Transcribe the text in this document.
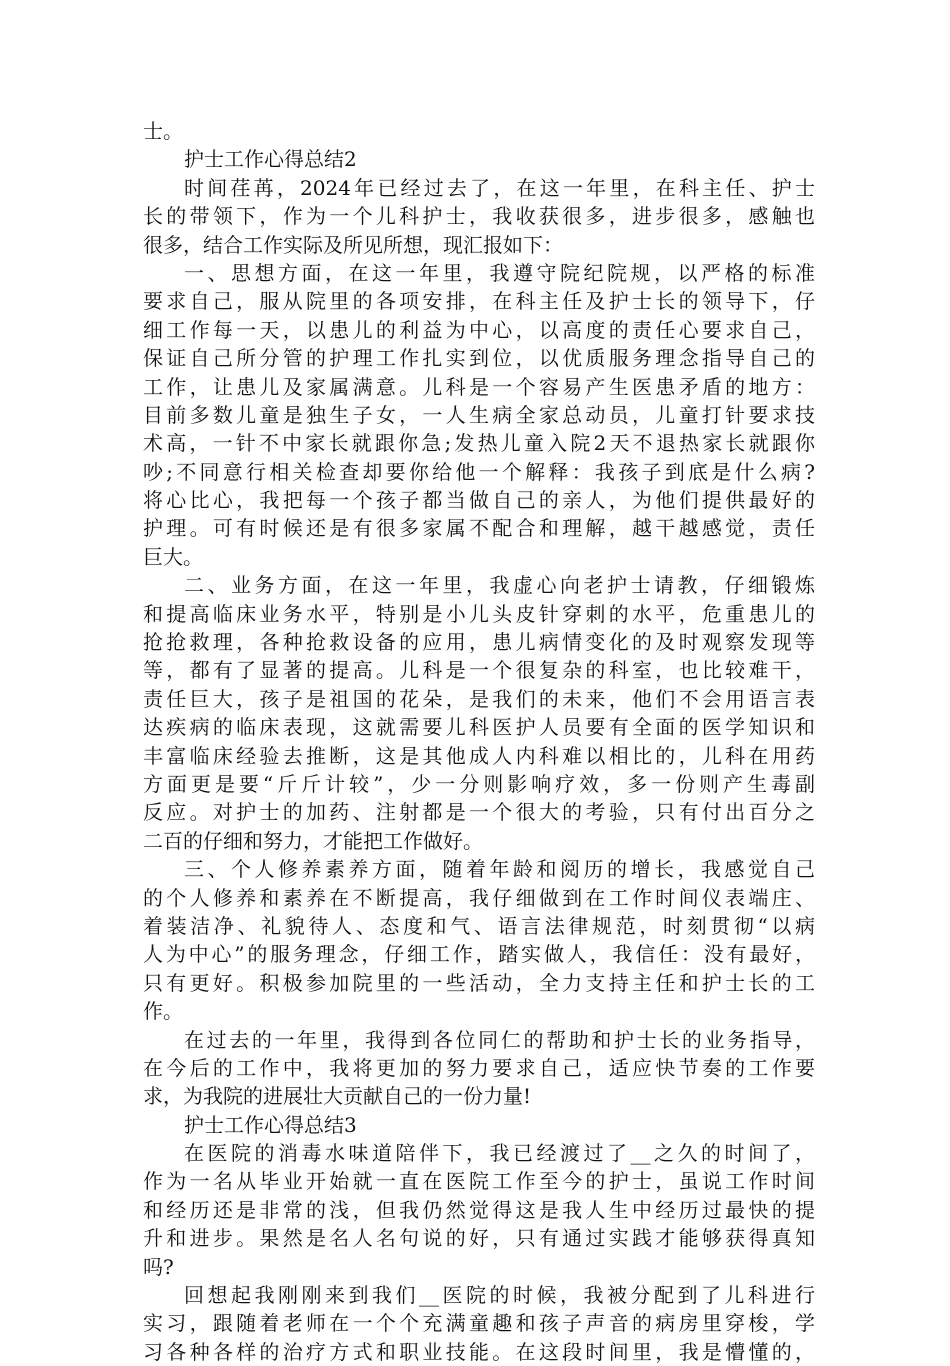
士。
护士工作心得总结2
时间荏苒，2024年已经过去了，在这一年里，在科主任、护士
长的带领下，作为一个儿科护士，我收获很多，进步很多，感触也
很多，结合工作实际及所见所想，现汇报如下：
一、思想方面，在这一年里，我遵守院纪院规，以严格的标准
要求自己，服从院里的各项安排，在科主任及护士长的领导下，仔
细工作每一天，以患儿的利益为中心，以高度的责任心要求自己，
保证自己所分管的护理工作扎实到位，以优质服务理念指导自己的
工作，让患儿及家属满意。儿科是一个容易产生医患矛盾的地方：
目前多数儿童是独生子女，一人生病全家总动员，儿童打针要求技
术高，一针不中家长就跟你急;发热儿童入院2天不退热家长就跟你
吵;不同意行相关检查却要你给他一个解释：我孩子到底是什么病?
将心比心，我把每一个孩子都当做自己的亲人，为他们提供最好的
护理。可有时候还是有很多家属不配合和理解，越干越感觉，责任
巨大。
二、业务方面，在这一年里，我虚心向老护士请教，仔细锻炼
和提高临床业务水平，特别是小儿头皮针穿刺的水平，危重患儿的
抢抢救理，各种抢救设备的应用，患儿病情变化的及时观察发现等
等，都有了显著的提高。儿科是一个很复杂的科室，也比较难干，
责任巨大，孩子是祖国的花朵，是我们的未来，他们不会用语言表
达疾病的临床表现，这就需要儿科医护人员要有全面的医学知识和
丰富临床经验去推断，这是其他成人内科难以相比的，儿科在用药
方面更是要“斤斤计较”，少一分则影响疗效，多一份则产生毒副
反应。对护士的加药、注射都是一个很大的考验，只有付出百分之
二百的仔细和努力，才能把工作做好。
三、个人修养素养方面，随着年龄和阅历的增长，我感觉自己
的个人修养和素养在不断提高，我仔细做到在工作时间仪表端庄、
着装洁净、礼貌待人、态度和气、语言法律规范，时刻贯彻“以病
人为中心”的服务理念，仔细工作，踏实做人，我信任：没有最好，
只有更好。积极参加院里的一些活动，全力支持主任和护士长的工
作。
在过去的一年里，我得到各位同仁的帮助和护士长的业务指导，
在今后的工作中，我将更加的努力要求自己，适应快节奏的工作要
求，为我院的进展壮大贡献自己的一份力量!
护士工作心得总结3
在医院的消毒水味道陪伴下，我已经渡过了__之久的时间了，
作为一名从毕业开始就一直在医院工作至今的护士，虽说工作时间
和经历还是非常的浅，但我仍然觉得这是我人生中经历过最快的提
升和进步。果然是名人名句说的好，只有通过实践才能够获得真知
吗?
回想起我刚刚来到我们__医院的时候，我被分配到了儿科进行
实习，跟随着老师在一个个充满童趣和孩子声音的病房里穿梭，学
习各种各样的治疗方式和职业技能。在这段时间里，我是懵懂的，
